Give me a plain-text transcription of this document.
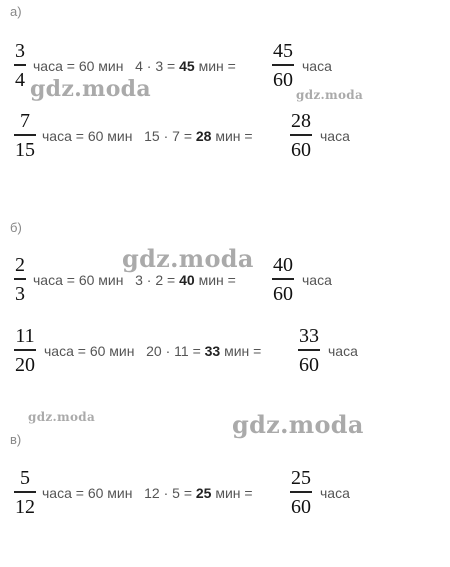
а)
3
4
часа = 60 мин   4 · 3 = 45 мин =
45
60
часа
7
15
часа = 60 мин   15 · 7 = 28 мин =
28
60
часа
б)
2
3
часа = 60 мин   3 · 2 = 40 мин =
40
60
часа
11
20
часа = 60 мин   20 · 11 = 33 мин =
33
60
часа
в)
5
12
часа = 60 мин   12 · 5 = 25 мин =
25
60
часа
gdz.moda	gdz.moda
gdz.moda
gdz.moda	gdz.moda
